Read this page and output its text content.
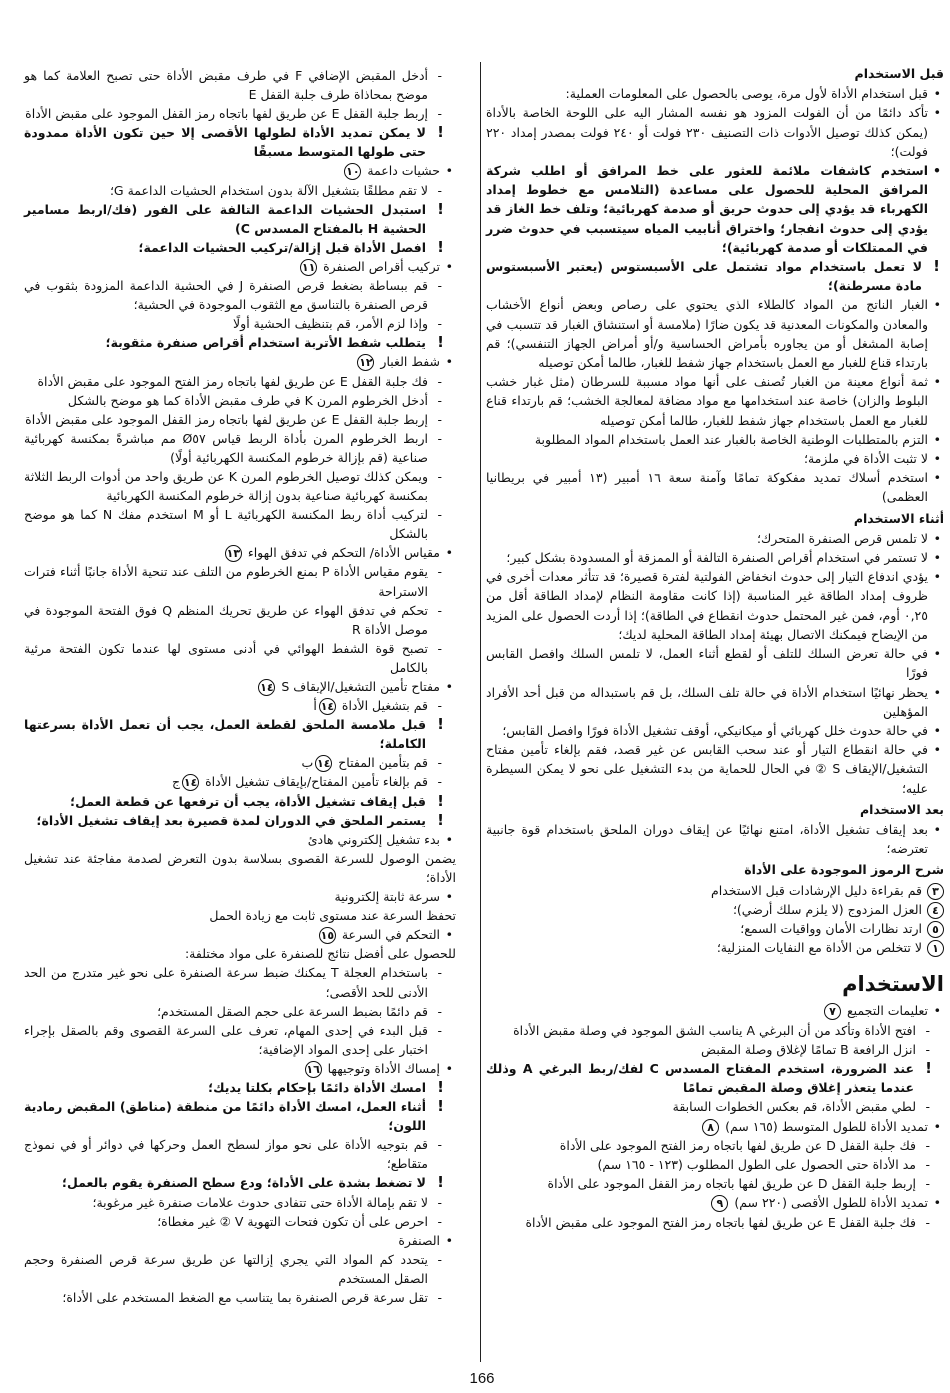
قبل الاستخدام
• قبل استخدام الأداة لأول مرة، يوصى بالحصول على المعلومات العملية:
• تأكد دائمًا من أن الفولت المزود هو نفسه المشار اليه على اللوحة الخاصة بالأداة (يمكن كذلك توصيل الأدوات ذات التصنيف ٢٣٠ فولت أو ٢٤٠ فولت بمصدر إمداد ٢٢٠ فولت)؛
• استخدم كاشفات ملائمة للعثور على خط المرافق أو اطلب شركة المرافق المحلية للحصول على مساعدة (التلامس مع خطوط إمداد الكهرباء قد يؤدي إلى حدوث حريق أو صدمة كهربائية؛ وتلف خط الغاز قد يؤدي إلى حدوث انفجار؛ واختراق أنابيب المياه سيتسبب في حدوث ضرر في الممتلكات أو صدمة كهربائية)؛
!
لا تعمل باستخدام مواد تشتمل على الأسبستوس (يعتبر الأسبستوس مادة مسرطنة)؛
• الغبار الناتج من المواد كالطلاء الذي يحتوي على رصاص وبعض أنواع الأخشاب والمعادن والمكونات المعدنية قد يكون ضارًا (ملامسة أو استنشاق الغبار قد تتسبب في إصابة المشغل أو من يجاوره بأمراض الحساسية و/أو أمراض الجهاز التنفسي)؛ قم بارتداء قناع للغبار مع العمل باستخدام جهاز شفط للغبار، طالما أمكن توصيله
• ثمة أنواع معينة من الغبار تُصنف على أنها مواد مسببة للسرطان (مثل غبار خشب البلوط والزان) خاصة عند استخدامها مع مواد مضافة لمعالجة الخشب؛ قم بارتداء قناع للغبار مع العمل باستخدام جهاز شفط للغبار، طالما أمكن توصيله
• التزم بالمتطلبات الوطنية الخاصة بالغبار عند العمل باستخدام المواد المطلوبة
• لا تثبت الأداة في ملزمة؛
• استخدم أسلاك تمديد مفكوكة تمامًا وآمنة سعة ١٦ أمبير (١٣ أمبير في بريطانيا العظمى)
أثناء الاستخدام
• لا تلمس قرص الصنفرة المتحرك؛
• لا تستمر في استخدام أقراص الصنفرة التالفة أو الممزقة أو المسدودة بشكل كبير؛
• يؤدي اندفاع التيار إلى حدوث انخفاض الفولتية لفترة قصيرة؛ قد تتأثر معدات أخرى في ظروف إمداد الطاقة غير المناسبة (إذا كانت مقاومة النظام لإمداد الطاقة أقل من ٠,٢٥ أوم، فمن غير المحتمل حدوث انقطاع في الطاقة)؛ إذا أردت الحصول على المزيد من الإيضاح فيمكنك الاتصال بهيئة إمداد الطاقة المحلية لديك؛
• في حالة تعرض السلك للتلف أو لقطع أثناء العمل، لا تلمس السلك وافصل القابس فورًا
• يحظر نهائيًا استخدام الأداة في حالة تلف السلك، بل قم باستبداله من قبل أحد الأفراد المؤهلين
• في حالة حدوث خلل كهربائي أو ميكانيكي، أوقف تشغيل الأداة فورًا وافصل القابس؛
• في حالة انقطاع التيار أو عند سحب القابس عن غير قصد، فقم بإلغاء تأمين مفتاح التشغيل/الإيقاف S ② في الحال للحماية من بدء التشغيل على نحو لا يمكن السيطرة عليه؛
بعد الاستخدام
• بعد إيقاف تشغيل الأداة، امتنع نهائيًا عن إيقاف دوران الملحق باستخدام قوة جانبية تعترضه؛
شرح الرموز الموجودة على الأداة
٣
قم بقراءة دليل الإرشادات قبل الاستخدام
٤
العزل المزدوج (لا يلزم سلك أرضي)؛
٥
ارتد نظارات الأمان وواقيات السمع؛
١
لا تتخلص من الأداة مع النفايات المنزلية؛
الاستخدام
• تعليمات التجميع ٧
- افتح الأداة وتأكد من أن البرغي A يناسب الشق الموجود في وصلة مقبض الأداة
- انزل الرافعة B تمامًا لإغلاق وصلة المقبض
!
عند الضرورة، استخدم المفتاح المسدس C لفك/ربط البرغي A وذلك عندما يتعذر إغلاق وصلة المقبض تمامًا
- لطي مقبض الأداة، قم بعكس الخطوات السابقة
• تمديد الأداة للطول المتوسط (١٦٥ سم) ٨
- فك جلبة القفل D عن طريق لفها باتجاه رمز الفتح الموجود على الأداة
- مد الأداة حتى الحصول على الطول المطلوب (١٢٣ - ١٦٥ سم)
- إربط جلبة القفل D عن طريق لفها باتجاه رمز القفل الموجود على الأداة
• تمديد الأداة للطول الأقصى (٢٢٠ سم) ٩
- فك جلبة القفل E عن طريق لفها باتجاه رمز الفتح الموجود على مقبض الأداة
- أدخل المقبض الإضافي F في طرف مقبض الأداة حتى تصبح العلامة كما هو موضح بمحاذاة طرف جلبة القفل E
- إربط جلبة القفل E عن طريق لفها باتجاه رمز القفل الموجود على مقبض الأداة
!
لا يمكن تمديد الأداة لطولها الأقصى إلا حين تكون الأداة ممدودة حتى طولها المتوسط مسبقًا
• حشيات داعمة ١٠
- لا تقم مطلقًا بتشغيل الآلة بدون استخدام الحشيات الداعمة G؛
!
استبدل الحشيات الداعمة التالفة على الفور (فك/اربط مسامير الحشية H بالمفتاح المسدس C)
!
افصل الأداة قبل إزالة/تركيب الحشيات الداعمة؛
• تركيب أقراص الصنفرة ١١
- قم ببساطة بضغط قرص الصنفرة J في الحشية الداعمة المزودة بثقوب في قرص الصنفرة بالتناسق مع الثقوب الموجودة في الحشية؛
- وإذا لزم الأمر، قم بتنظيف الحشية أولًا
!
يتطلب شفط الأتربة استخدام أقراص صنفرة مثقوبة؛
• شفط الغبار ١٢
- فك جلبة القفل E عن طريق لفها باتجاه رمز الفتح الموجود على مقبض الأداة
- أدخل الخرطوم المرن K في طرف مقبض الأداة كما هو موضح بالشكل
- إربط جلبة القفل E عن طريق لفها باتجاه رمز القفل الموجود على مقبض الأداة
- اربط الخرطوم المرن بأداة الربط قياس Ø٥٧ مم مباشرةً بمكنسة كهربائية صناعية (قم بإزالة خرطوم المكنسة الكهربائية أولًا)
- ويمكن كذلك توصيل الخرطوم المرن K عن طريق واحد من أدوات الربط الثلاثة بمكنسة كهربائية صناعية بدون إزالة خرطوم المكنسة الكهربائية
- لتركيب أداة ربط المكنسة الكهربائية L أو M استخدم مفك N كما هو موضح بالشكل
• مقياس الأداة/ التحكم في تدفق الهواء ١٣
- يقوم مقياس الأداة P بمنع الخرطوم من التلف عند تنحية الأداة جانبًا أثناء فترات الاستراحة
- تحكم في تدفق الهواء عن طريق تحريك المنظم Q فوق الفتحة الموجودة في موصل الأداة R
- تصبح قوة الشفط الهوائي في أدنى مستوى لها عندما تكون الفتحة مرئية بالكامل
• مفتاح تأمين التشغيل/الإيقاف S ١٤
- قم بتشغيل الأداة ١٤أ
!
قبل ملامسة الملحق لقطعة العمل، يجب أن تعمل الأداة بسرعتها الكاملة؛
- قم بتأمين المفتاح ١٤ب
- قم بإلغاء تأمين المفتاح/بإيقاف تشغيل الأداة ١٤ج
!
قبل إيقاف تشغيل الأداة، يجب أن ترفعها عن قطعة العمل؛
!
يستمر الملحق في الدوران لمدة قصيرة بعد إيقاف تشغيل الأداة؛
• بدء تشغيل إلكتروني هادئ
يضمن الوصول للسرعة القصوى بسلاسة بدون التعرض لصدمة مفاجئة عند تشغيل الأداة؛
• سرعة ثابتة إلكترونية
تحفظ السرعة عند مستوى ثابت مع زيادة الحمل
• التحكم في السرعة ١٥
للحصول على أفضل نتائج للصنفرة على مواد مختلفة:
- باستخدام العجلة T يمكنك ضبط سرعة الصنفرة على نحو غير متدرج من الحد الأدنى للحد الأقصى؛
- قم دائمًا بضبط السرعة على حجم الصقل المستخدم؛
- قبل البدء في إحدى المهام، تعرف على السرعة القصوى وقم بالصقل بإجراء اختبار على إحدى المواد الإضافية؛
• إمساك الأداة وتوجيهها ١٦
!
امسك الأداة دائمًا بإحكام بكلتا يديك؛
!
أثناء العمل، امسك الأداة دائمًا من منطقة (مناطق) المقبض رمادية اللون؛
- قم بتوجيه الأداة على نحو مواز لسطح العمل وحركها في دوائر أو في نموذج متقاطع؛
!
لا تضغط بشدة على الأداة؛ ودع سطح الصنفرة يقوم بالعمل؛
- لا تقم بإمالة الأداة حتى تتفادى حدوث علامات صنفرة غير مرغوبة؛
- احرص على أن تكون فتحات التهوية V ② غير مغطاة؛
• الصنفرة
- يتحدد كم المواد التي يجري إزالتها عن طريق سرعة قرص الصنفرة وحجم الصقل المستخدم
- تقل سرعة قرص الصنفرة بما يتناسب مع الضغط المستخدم على الأداة؛
166
